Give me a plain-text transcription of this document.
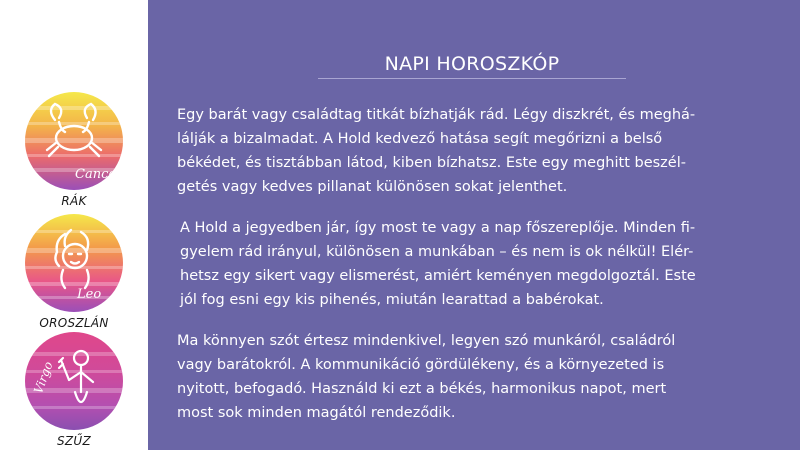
Cancer
RÁK
Leo
OROSZLÁN
Virgo
SZŰZ
NAPI HOROSZKÓP
Egy barát vagy családtag titkát bízhatják rád. Légy diszkrét, és meghá-
lálják a bizalmadat. A Hold kedvező hatása segít megőrizni a belső
békédet, és tisztábban látod, kiben bízhatsz. Este egy meghitt beszél-
getés vagy kedves pillanat különösen sokat jelenthet.
A Hold a jegyedben jár, így most te vagy a nap főszereplője. Minden fi-
gyelem rád irányul, különösen a munkában – és nem is ok nélkül! Elér-
hetsz egy sikert vagy elismerést, amiért keményen megdolgoztál. Este
jól fog esni egy kis pihenés, miután learattad a babérokat.
Ma könnyen szót értesz mindenkivel, legyen szó munkáról, családról
vagy barátokról. A kommunikáció gördülékeny, és a környezeted is
nyitott, befogadó. Használd ki ezt a békés, harmonikus napot, mert
most sok minden magától rendeződik.
